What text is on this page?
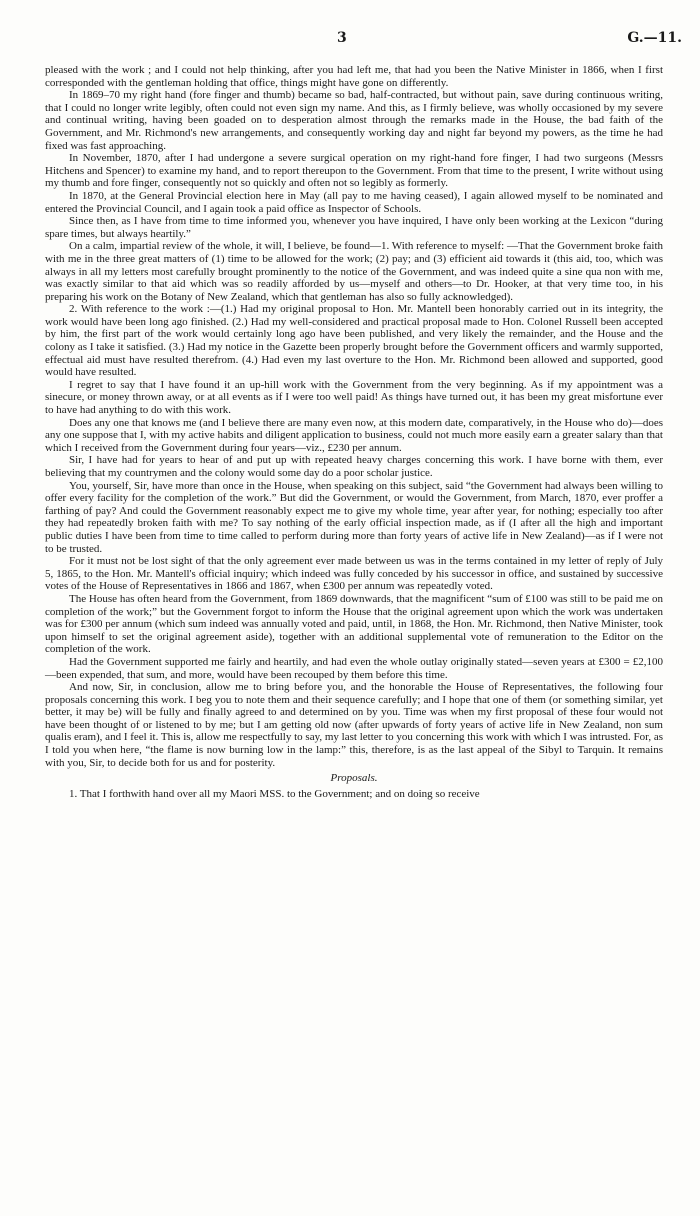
3	G.—11.

pleased with the work ; and I could not help thinking, after you had left me, that had you been the Native Minister in 1866, when I first corresponded with the gentleman holding that office, things might have gone on differently.

In 1869–70 my right hand (fore finger and thumb) became so bad, half-contracted, but without pain, save during continuous writing, that I could no longer write legibly, often could not even sign my name. And this, as I firmly believe, was wholly occasioned by my severe and continual writing, having been goaded on to desperation almost through the remarks made in the House, the bad faith of the Government, and Mr. Richmond's new arrangements, and consequently working day and night far beyond my powers, as the time he had fixed was fast approaching.

In November, 1870, after I had undergone a severe surgical operation on my right-hand fore finger, I had two surgeons (Messrs Hitchens and Spencer) to examine my hand, and to report thereupon to the Government. From that time to the present, I write without using my thumb and fore finger, consequently not so quickly and often not so legibly as formerly.

In 1870, at the General Provincial election here in May (all pay to me having ceased), I again allowed myself to be nominated and entered the Provincial Council, and I again took a paid office as Inspector of Schools.

Since then, as I have from time to time informed you, whenever you have inquired, I have only been working at the Lexicon “during spare times, but always heartily.”

On a calm, impartial review of the whole, it will, I believe, be found—1. With reference to myself: —That the Government broke faith with me in the three great matters of (1) time to be allowed for the work; (2) pay; and (3) efficient aid towards it (this aid, too, which was always in all my letters most carefully brought prominently to the notice of the Government, and was indeed quite a sine qua non with me, was exactly similar to that aid which was so readily afforded by us—myself and others—to Dr. Hooker, at that very time too, in his preparing his work on the Botany of New Zealand, which that gentleman has also so fully acknowledged).

2. With reference to the work :—(1.) Had my original proposal to Hon. Mr. Mantell been honorably carried out in its integrity, the work would have been long ago finished. (2.) Had my well-considered and practical proposal made to Hon. Colonel Russell been accepted by him, the first part of the work would certainly long ago have been published, and very likely the remainder, and the House and the colony as I take it satisfied. (3.) Had my notice in the Gazette been properly brought before the Government officers and warmly supported, effectual aid must have resulted therefrom. (4.) Had even my last overture to the Hon. Mr. Richmond been allowed and supported, good would have resulted.

I regret to say that I have found it an up-hill work with the Government from the very beginning. As if my appointment was a sinecure, or money thrown away, or at all events as if I were too well paid! As things have turned out, it has been my great misfortune ever to have had anything to do with this work.

Does any one that knows me (and I believe there are many even now, at this modern date, comparatively, in the House who do)—does any one suppose that I, with my active habits and diligent application to business, could not much more easily earn a greater salary than that which I received from the Government during four years—viz., £230 per annum.

Sir, I have had for years to hear of and put up with repeated heavy charges concerning this work. I have borne with them, ever believing that my countrymen and the colony would some day do a poor scholar justice.

You, yourself, Sir, have more than once in the House, when speaking on this subject, said “the Government had always been willing to offer every facility for the completion of the work.” But did the Government, or would the Government, from March, 1870, ever proffer a farthing of pay? And could the Government reasonably expect me to give my whole time, year after year, for nothing; especially too after they had repeatedly broken faith with me? To say nothing of the early official inspection made, as if (I after all the high and important public duties I have been from time to time called to perform during more than forty years of active life in New Zealand)—as if I were not to be trusted.

For it must not be lost sight of that the only agreement ever made between us was in the terms contained in my letter of reply of July 5, 1865, to the Hon. Mr. Mantell's official inquiry; which indeed was fully conceded by his successor in office, and sustained by successive votes of the House of Representatives in 1866 and 1867, when £300 per annum was repeatedly voted.

The House has often heard from the Government, from 1869 downwards, that the magnificent “sum of £100 was still to be paid me on completion of the work;” but the Government forgot to inform the House that the original agreement upon which the work was undertaken was for £300 per annum (which sum indeed was annually voted and paid, until, in 1868, the Hon. Mr. Richmond, then Native Minister, took upon himself to set the original agreement aside), together with an additional supplemental vote of remuneration to the Editor on the completion of the work.

Had the Government supported me fairly and heartily, and had even the whole outlay originally stated—seven years at £300 = £2,100—been expended, that sum, and more, would have been recouped by them before this time.

And now, Sir, in conclusion, allow me to bring before you, and the honorable the House of Representatives, the following four proposals concerning this work. I beg you to note them and their sequence carefully; and I hope that one of them (or something similar, yet better, it may be) will be fully and finally agreed to and determined on by you. Time was when my first proposal of these four would not have been thought of or listened to by me; but I am getting old now (after upwards of forty years of active life in New Zealand, non sum qualis eram), and I feel it. This is, allow me respectfully to say, my last letter to you concerning this work with which I was intrusted. For, as I told you when here, “the flame is now burning low in the lamp:” this, therefore, is as the last appeal of the Sibyl to Tarquin. It remains with you, Sir, to decide both for us and for posterity.

Proposals.

1. That I forthwith hand over all my Maori MSS. to the Government; and on doing so receive
